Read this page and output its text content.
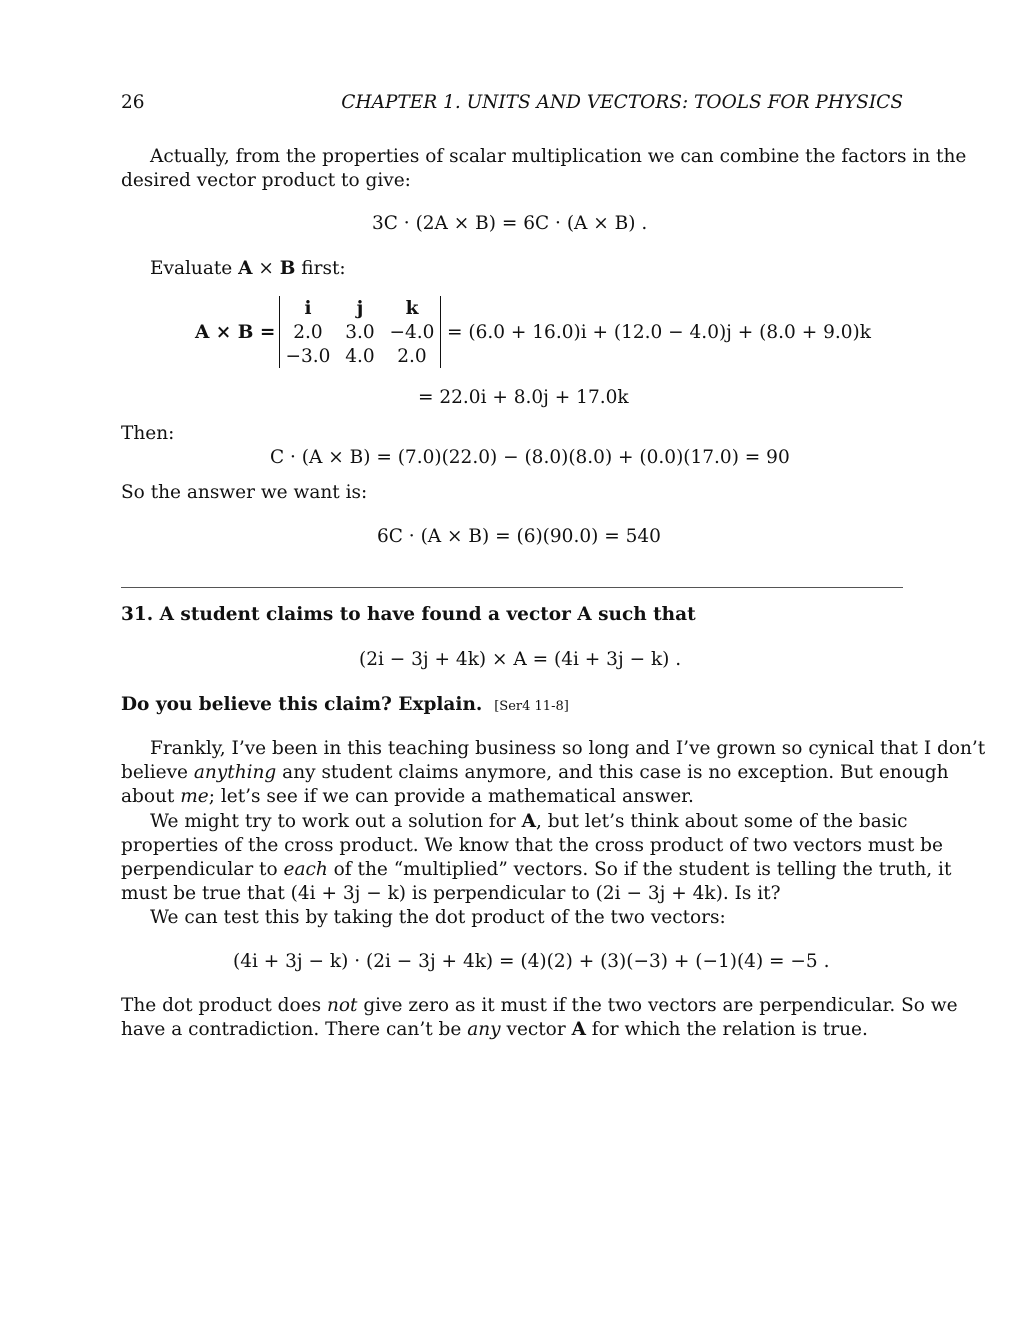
26	CHAPTER 1. UNITS AND VECTORS: TOOLS FOR PHYSICS
Actually, from the properties of scalar multiplication we can combine the factors in the
desired vector product to give:
3C · (2A × B) = 6C · (A × B) .
Evaluate A × B first:
A × B =
i	j	k
2.0	3.0 −4.0
−3.0 4.0	2.0
= (6.0 + 16.0)i + (12.0 − 4.0)j + (8.0 + 9.0)k
= 22.0i + 8.0j + 17.0k
Then:
C · (A × B) = (7.0)(22.0) − (8.0)(8.0) + (0.0)(17.0) = 90
So the answer we want is:
6C · (A × B) = (6)(90.0) = 540
31. A student claims to have found a vector A such that
(2i − 3j + 4k) × A = (4i + 3j − k) .
Do you believe this claim? Explain. [Ser4 11-8]
Frankly, I’ve been in this teaching business so long and I’ve grown so cynical that I don’t
believe anything any student claims anymore, and this case is no exception. But enough
about me; let’s see if we can provide a mathematical answer.
We might try to work out a solution for A, but let’s think about some of the basic
properties of the cross product. We know that the cross product of two vectors must be
perpendicular to each of the “multiplied” vectors. So if the student is telling the truth, it
must be true that (4i + 3j − k) is perpendicular to (2i − 3j + 4k). Is it?
We can test this by taking the dot product of the two vectors:
(4i + 3j − k) · (2i − 3j + 4k) = (4)(2) + (3)(−3) + (−1)(4) = −5 .
The dot product does not give zero as it must if the two vectors are perpendicular. So we
have a contradiction. There can’t be any vector A for which the relation is true.
